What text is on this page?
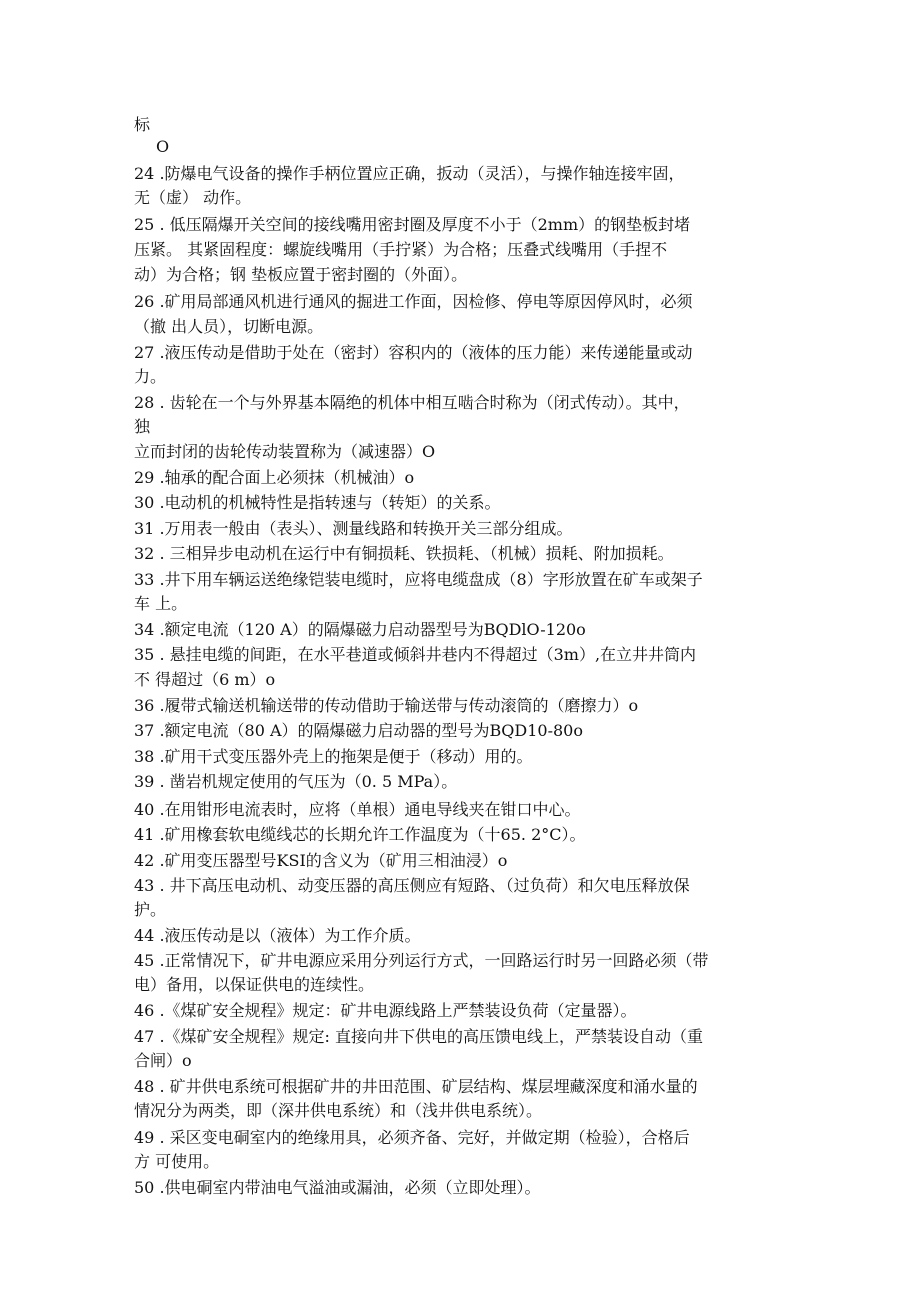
标
O
24 .防爆电气设备的操作手柄位置应正确，扳动（灵活），与操作轴连接牢固，
无（虚） 动作。
25 . 低压隔爆开关空间的接线嘴用密封圈及厚度不小于（2mm）的钢垫板封堵
压紧。 其紧固程度：螺旋线嘴用（手拧紧）为合格；压叠式线嘴用（手捏不
动）为合格；钢 垫板应置于密封圈的（外面）。
26 .矿用局部通风机进行通风的掘进工作面，因检修、停电等原因停风时，必须
（撤 出人员），切断电源。
27 .液压传动是借助于处在（密封）容积内的（液体的压力能）来传递能量或动
力。
28 . 齿轮在一个与外界基本隔绝的机体中相互啮合时称为（闭式传动）。其中，
独
立而封闭的齿轮传动装置称为（减速器）O
29 .轴承的配合面上必须抹（机械油）o
30 .电动机的机械特性是指转速与（转矩）的关系。
31 .万用表一般由（表头）、测量线路和转换开关三部分组成。
32 . 三相异步电动机在运行中有铜损耗、铁损耗、（机械）损耗、附加损耗。
33 .井下用车辆运送绝缘铠装电缆时，应将电缆盘成（8）字形放置在矿车或架子
车 上。
34 .额定电流（120 A）的隔爆磁力启动器型号为BQDlO-120o
35 . 悬挂电缆的间距，在水平巷道或倾斜井巷内不得超过（3m）,在立井井筒内
不 得超过（6 m）o
36 .履带式输送机输送带的传动借助于输送带与传动滚筒的（磨擦力）o
37 .额定电流（80 A）的隔爆磁力启动器的型号为BQD10-80o
38 .矿用干式变压器外壳上的拖架是便于（移动）用的。
39 . 凿岩机规定使用的气压为（0. 5 MPa）。
40 .在用钳形电流表时，应将（单根）通电导线夹在钳口中心。
41 .矿用橡套软电缆线芯的长期允许工作温度为（十65. 2°C）。
42 .矿用变压器型号KSI的含义为（矿用三相油浸）o
43 . 井下高压电动机、动变压器的高压侧应有短路、（过负荷）和欠电压释放保
护。
44 .液压传动是以（液体）为工作介质。
45 .正常情况下，矿井电源应采用分列运行方式，一回路运行时另一回路必须（带
电）备用，以保证供电的连续性。
46 .《煤矿安全规程》规定：矿井电源线路上严禁装设负荷（定量器）。
47 .《煤矿安全规程》规定: 直接向井下供电的高压馈电线上，严禁装设自动（重
合闸）o
48 . 矿井供电系统可根据矿井的井田范围、矿层结构、煤层埋藏深度和涌水量的
情况分为两类，即（深井供电系统）和（浅井供电系统）。
49 . 采区变电硐室内的绝缘用具，必须齐备、完好，并做定期（检验），合格后
方 可使用。
50 .供电硐室内带油电气溢油或漏油，必须（立即处理）。
